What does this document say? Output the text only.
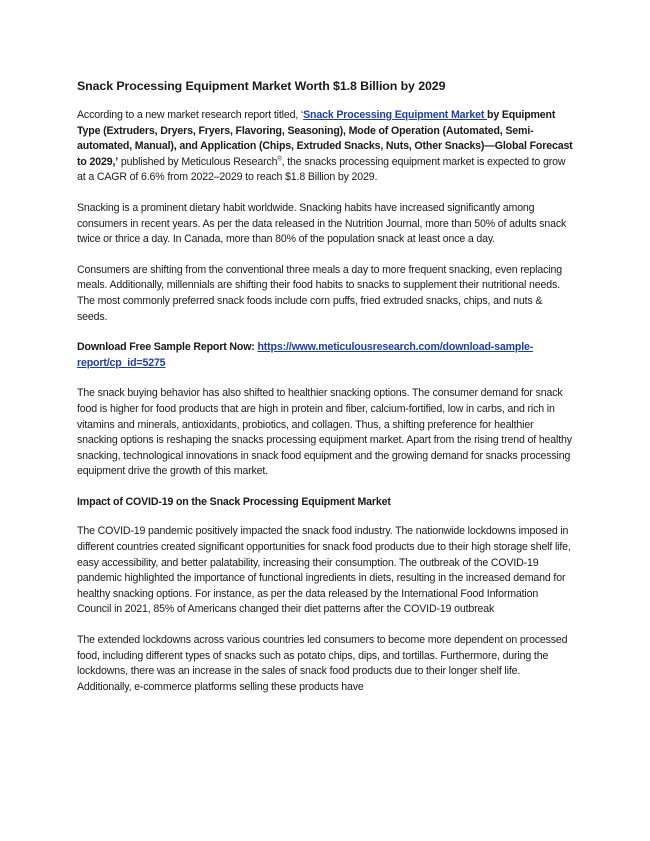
Snack Processing Equipment Market Worth $1.8 Billion by 2029

According to a new market research report titled, ‘Snack Processing Equipment Market by Equipment Type (Extruders, Dryers, Fryers, Flavoring, Seasoning), Mode of Operation (Automated, Semi-automated, Manual), and Application (Chips, Extruded Snacks, Nuts, Other Snacks)—Global Forecast to 2029,’ published by Meticulous Research®, the snacks processing equipment market is expected to grow at a CAGR of 6.6% from 2022–2029 to reach $1.8 Billion by 2029.

Snacking is a prominent dietary habit worldwide. Snacking habits have increased significantly among consumers in recent years. As per the data released in the Nutrition Journal, more than 50% of adults snack twice or thrice a day. In Canada, more than 80% of the population snack at least once a day.

Consumers are shifting from the conventional three meals a day to more frequent snacking, even replacing meals. Additionally, millennials are shifting their food habits to snacks to supplement their nutritional needs. The most commonly preferred snack foods include corn puffs, fried extruded snacks, chips, and nuts & seeds.

Download Free Sample Report Now: https://www.meticulousresearch.com/download-sample-report/cp_id=5275

The snack buying behavior has also shifted to healthier snacking options. The consumer demand for snack food is higher for food products that are high in protein and fiber, calcium-fortified, low in carbs, and rich in vitamins and minerals, antioxidants, probiotics, and collagen. Thus, a shifting preference for healthier snacking options is reshaping the snacks processing equipment market. Apart from the rising trend of healthy snacking, technological innovations in snack food equipment and the growing demand for snacks processing equipment drive the growth of this market.

Impact of COVID-19 on the Snack Processing Equipment Market

The COVID-19 pandemic positively impacted the snack food industry. The nationwide lockdowns imposed in different countries created significant opportunities for snack food products due to their high storage shelf life, easy accessibility, and better palatability, increasing their consumption. The outbreak of the COVID-19 pandemic highlighted the importance of functional ingredients in diets, resulting in the increased demand for healthy snacking options. For instance, as per the data released by the International Food Information Council in 2021, 85% of Americans changed their diet patterns after the COVID-19 outbreak

The extended lockdowns across various countries led consumers to become more dependent on processed food, including different types of snacks such as potato chips, dips, and tortillas. Furthermore, during the lockdowns, there was an increase in the sales of snack food products due to their longer shelf life. Additionally, e-commerce platforms selling these products have
